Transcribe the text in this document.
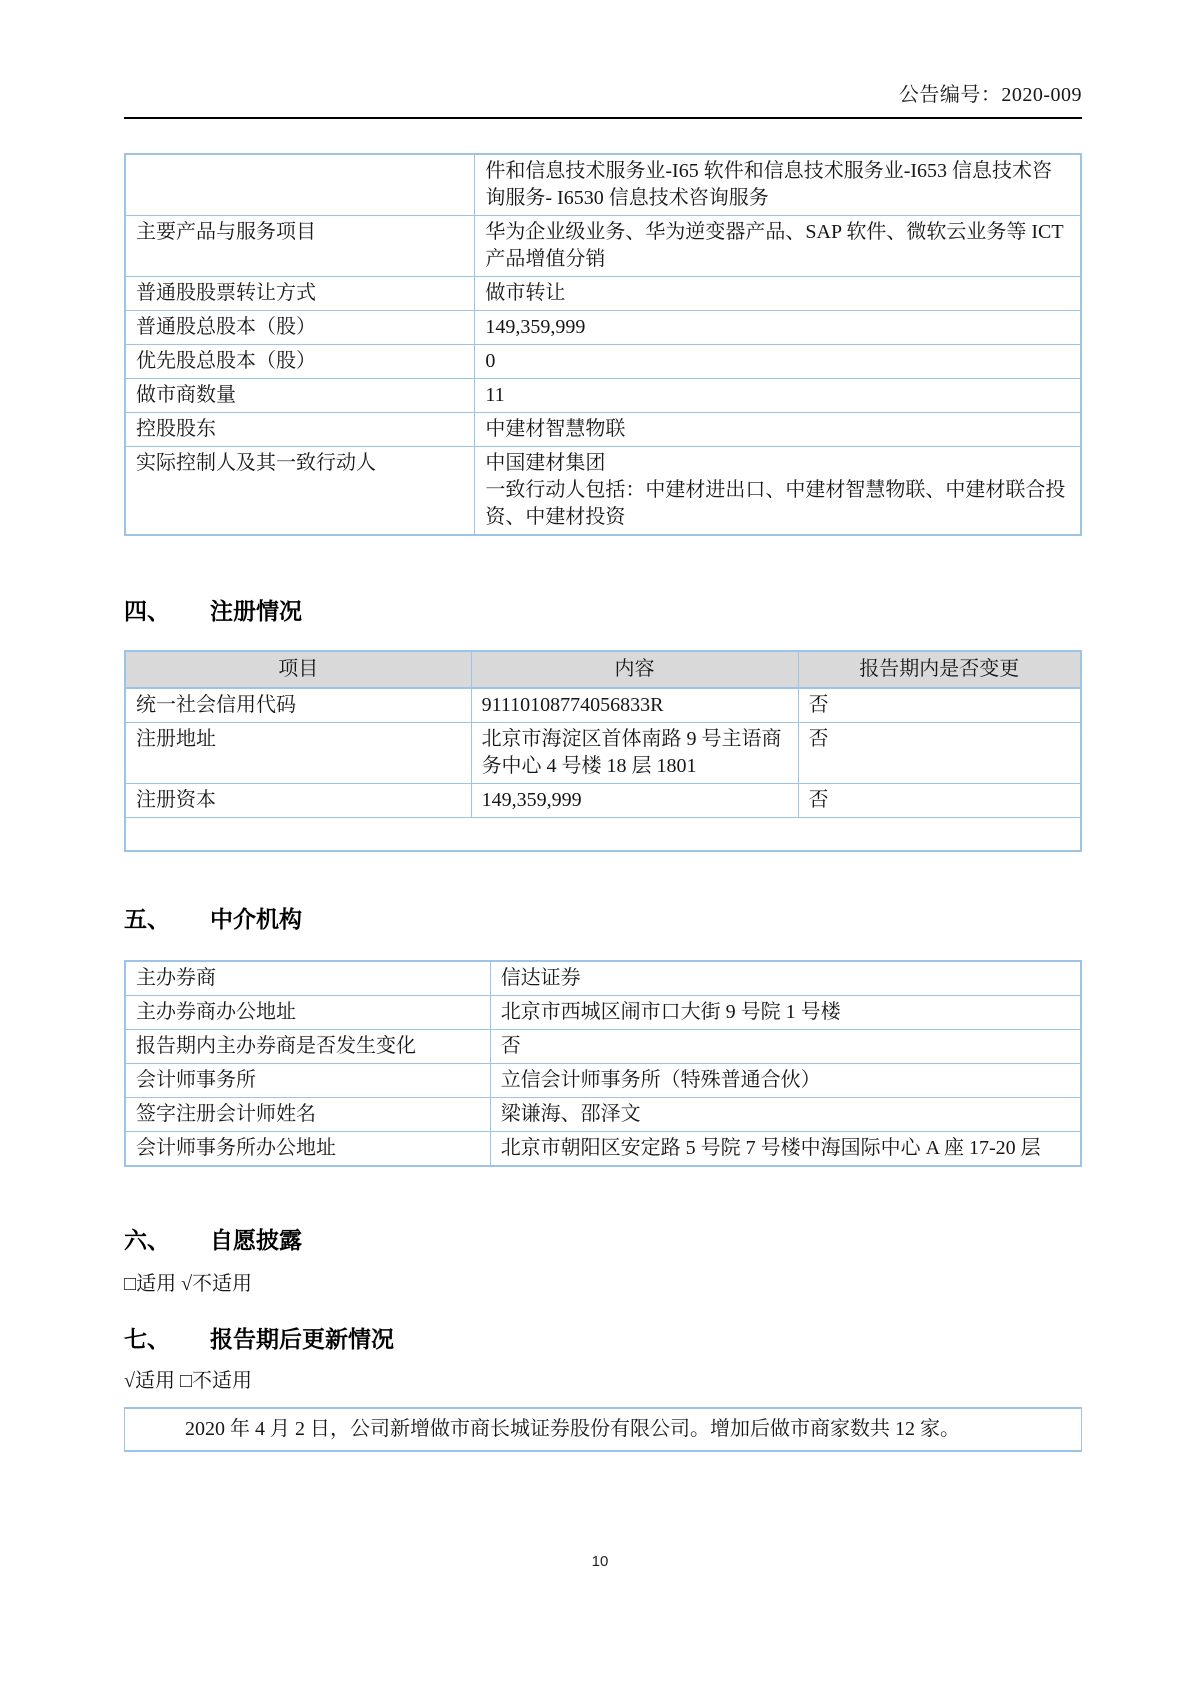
公告编号：2020-009
	件和信息技术服务业-I65 软件和信息技术服务业-I653 信息技术咨询服务- I6530 信息技术咨询服务
主要产品与服务项目	华为企业级业务、华为逆变器产品、SAP 软件、微软云业务等 ICT 产品增值分销
普通股股票转让方式	做市转让
普通股总股本（股）	149,359,999
优先股总股本（股）	0
做市商数量	11
控股股东	中建材智慧物联
实际控制人及其一致行动人	中国建材集团
一致行动人包括：中建材进出口、中建材智慧物联、中建材联合投资、中建材投资
四、	注册情况
项目	内容	报告期内是否变更
统一社会信用代码	91110108774056833R	否
注册地址	北京市海淀区首体南路 9 号主语商务中心 4 号楼 18 层 1801	否
注册资本	149,359,999	否

五、	中介机构
主办券商	信达证券
主办券商办公地址	北京市西城区闹市口大街 9 号院 1 号楼
报告期内主办券商是否发生变化	否
会计师事务所	立信会计师事务所（特殊普通合伙）
签字注册会计师姓名	梁谦海、邵泽文
会计师事务所办公地址	北京市朝阳区安定路 5 号院 7 号楼中海国际中心 A 座 17-20 层
六、	自愿披露
□适用 √不适用
七、	报告期后更新情况
√适用 □不适用
2020 年 4 月 2 日，公司新增做市商长城证券股份有限公司。增加后做市商家数共 12 家。
10
